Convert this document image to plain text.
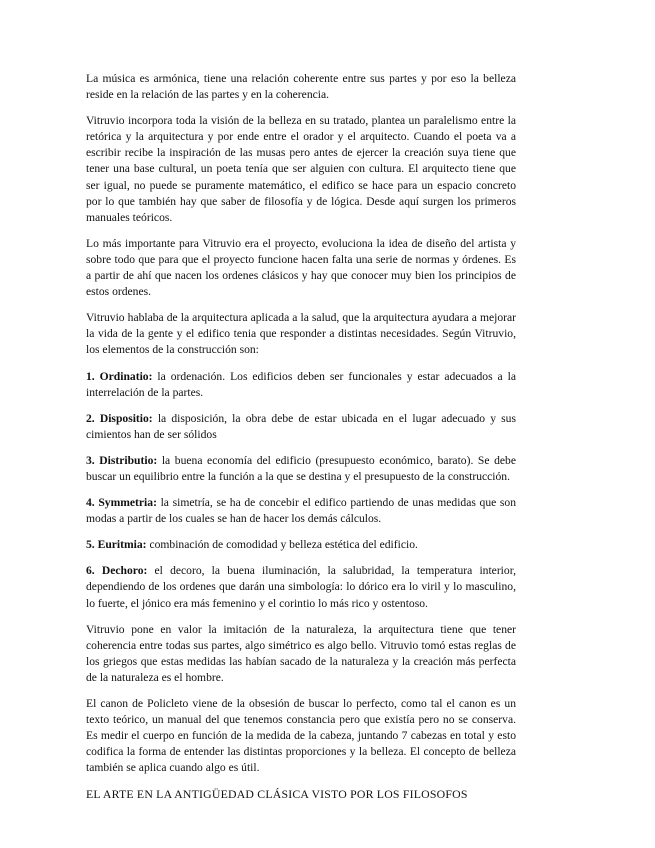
La música es armónica, tiene una relación coherente entre sus partes y por eso la belleza reside en la relación de las partes y en la coherencia.

Vitruvio incorpora toda la visión de la belleza en su tratado, plantea un paralelismo entre la retórica y la arquitectura y por ende entre el orador y el arquitecto. Cuando el poeta va a escribir recibe la inspiración de las musas pero antes de ejercer la creación suya tiene que tener una base cultural, un poeta tenía que ser alguien con cultura. El arquitecto tiene que ser igual, no puede se puramente matemático, el edifico se hace para un espacio concreto por lo que también hay que saber de filosofía y de lógica. Desde aquí surgen los primeros manuales teóricos.

Lo más importante para Vitruvio era el proyecto, evoluciona la idea de diseño del artista y sobre todo que para que el proyecto funcione hacen falta una serie de normas y órdenes. Es a partir de ahí que nacen los ordenes clásicos y hay que conocer muy bien los principios de estos ordenes.

Vitruvio hablaba de la arquitectura aplicada a la salud, que la arquitectura ayudara a mejorar la vida de la gente y el edifico tenia que responder a distintas necesidades. Según Vitruvio, los elementos de la construcción son:

1. Ordinatio: la ordenación. Los edificios deben ser funcionales y estar adecuados a la interrelación de la partes.

2. Dispositio: la disposición, la obra debe de estar ubicada en el lugar adecuado y sus cimientos han de ser sólidos

3. Distributio: la buena economía del edificio (presupuesto económico, barato). Se debe buscar un equilibrio entre la función a la que se destina y el presupuesto de la construcción.

4. Symmetria: la simetría, se ha de concebir el edifico partiendo de unas medidas que son modas a partir de los cuales se han de hacer los demás cálculos.

5. Euritmia: combinación de comodidad y belleza estética del edificio.

6. Dechoro: el decoro, la buena iluminación, la salubridad, la temperatura interior, dependiendo de los ordenes que darán una simbología: lo dórico era lo viril y lo masculino, lo fuerte, el jónico era más femenino y el corintio lo más rico y ostentoso.

Vitruvio pone en valor la imitación de la naturaleza, la arquitectura tiene que tener coherencia entre todas sus partes, algo simétrico es algo bello. Vitruvio tomó estas reglas de los griegos que estas medidas las habían sacado de la naturaleza y la creación más perfecta de la naturaleza es el hombre.

El canon de Policleto viene de la obsesión de buscar lo perfecto, como tal el canon es un texto teórico, un manual del que tenemos constancia pero que existía pero no se conserva. Es medir el cuerpo en función de la medida de la cabeza, juntando 7 cabezas en total y esto codifica la forma de entender las distintas proporciones y la belleza. El concepto de belleza también se aplica cuando algo es útil.

EL ARTE EN LA ANTIGÜEDAD CLÁSICA VISTO POR LOS FILOSOFOS
